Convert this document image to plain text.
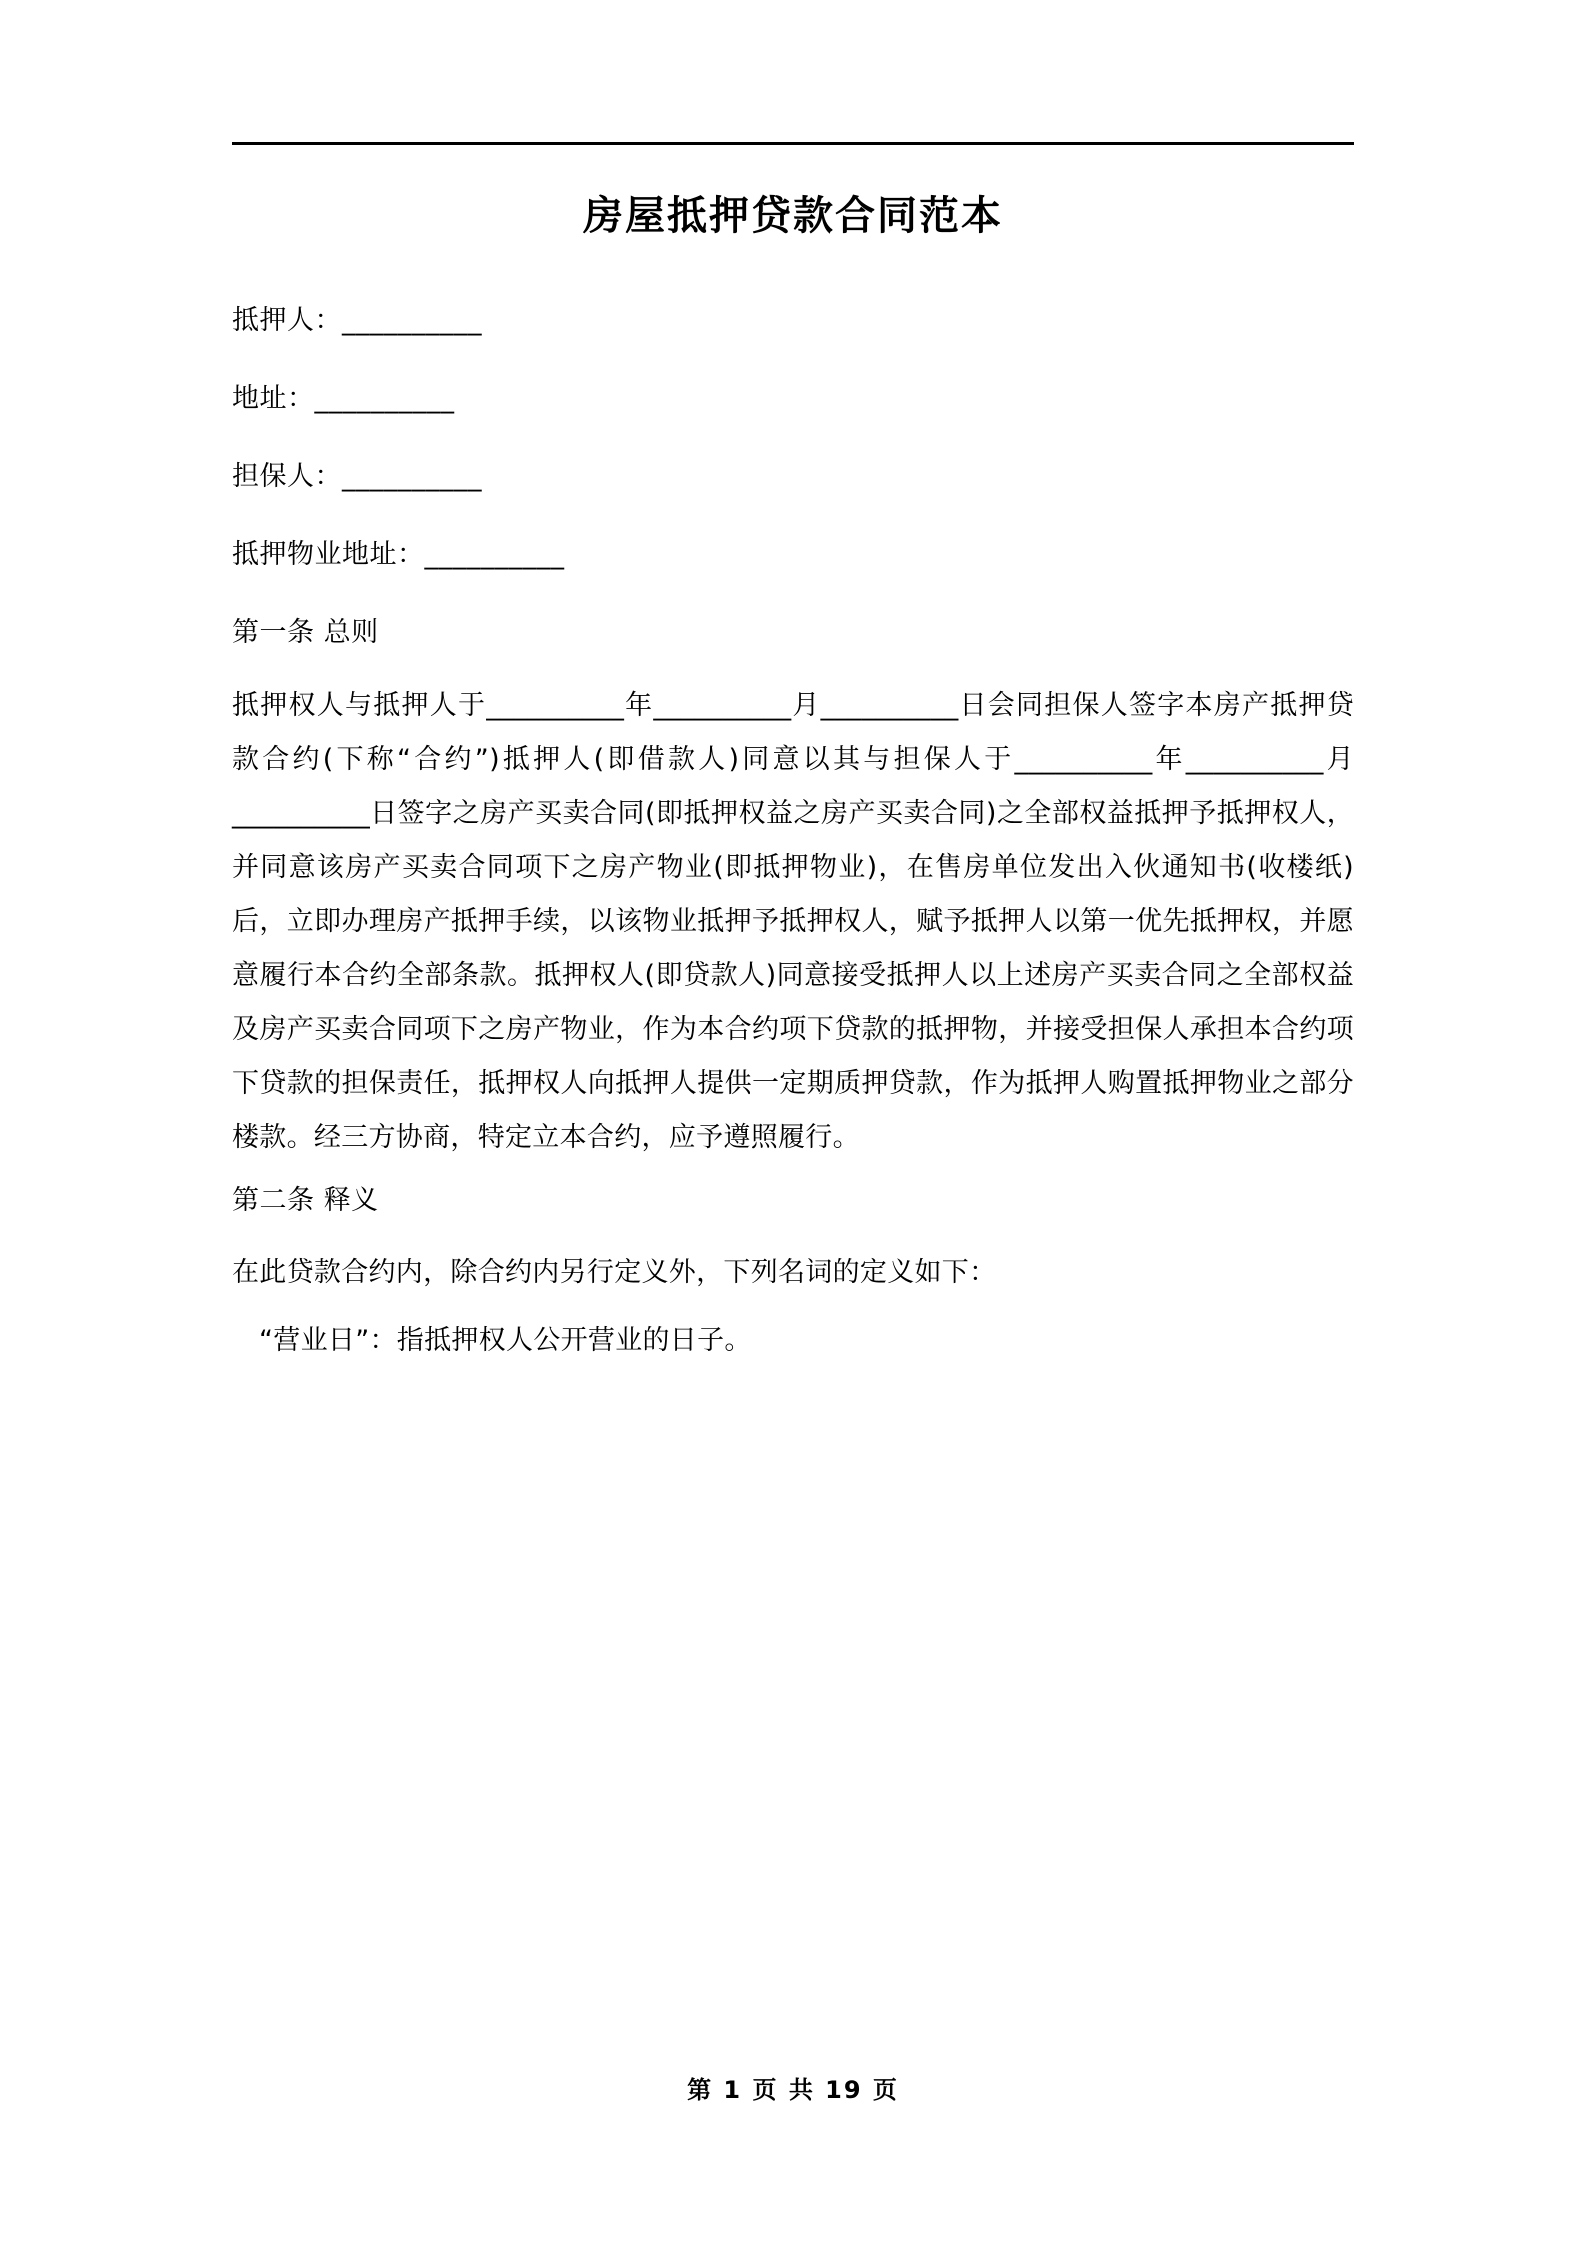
房屋抵押贷款合同范本

抵押人：__________

地址：__________

担保人：__________

抵押物业地址：__________

第一条 总则

抵押权人与抵押人于__________年__________月__________日会同担保人签字本房产抵押贷款合约(下称“合约”)抵押人(即借款人)同意以其与担保人于__________年__________月__________日签字之房产买卖合同(即抵押权益之房产买卖合同)之全部权益抵押予抵押权人，并同意该房产买卖合同项下之房产物业(即抵押物业)，在售房单位发出入伙通知书(收楼纸)后，立即办理房产抵押手续，以该物业抵押予抵押权人，赋予抵押人以第一优先抵押权，并愿意履行本合约全部条款。抵押权人(即贷款人)同意接受抵押人以上述房产买卖合同之全部权益及房产买卖合同项下之房产物业，作为本合约项下贷款的抵押物，并接受担保人承担本合约项下贷款的担保责任，抵押权人向抵押人提供一定期质押贷款，作为抵押人购置抵押物业之部分楼款。经三方协商，特定立本合约，应予遵照履行。

第二条 释义

在此贷款合约内，除合约内另行定义外，下列名词的定义如下：

“营业日”：指抵押权人公开营业的日子。

第 1 页 共 19 页
